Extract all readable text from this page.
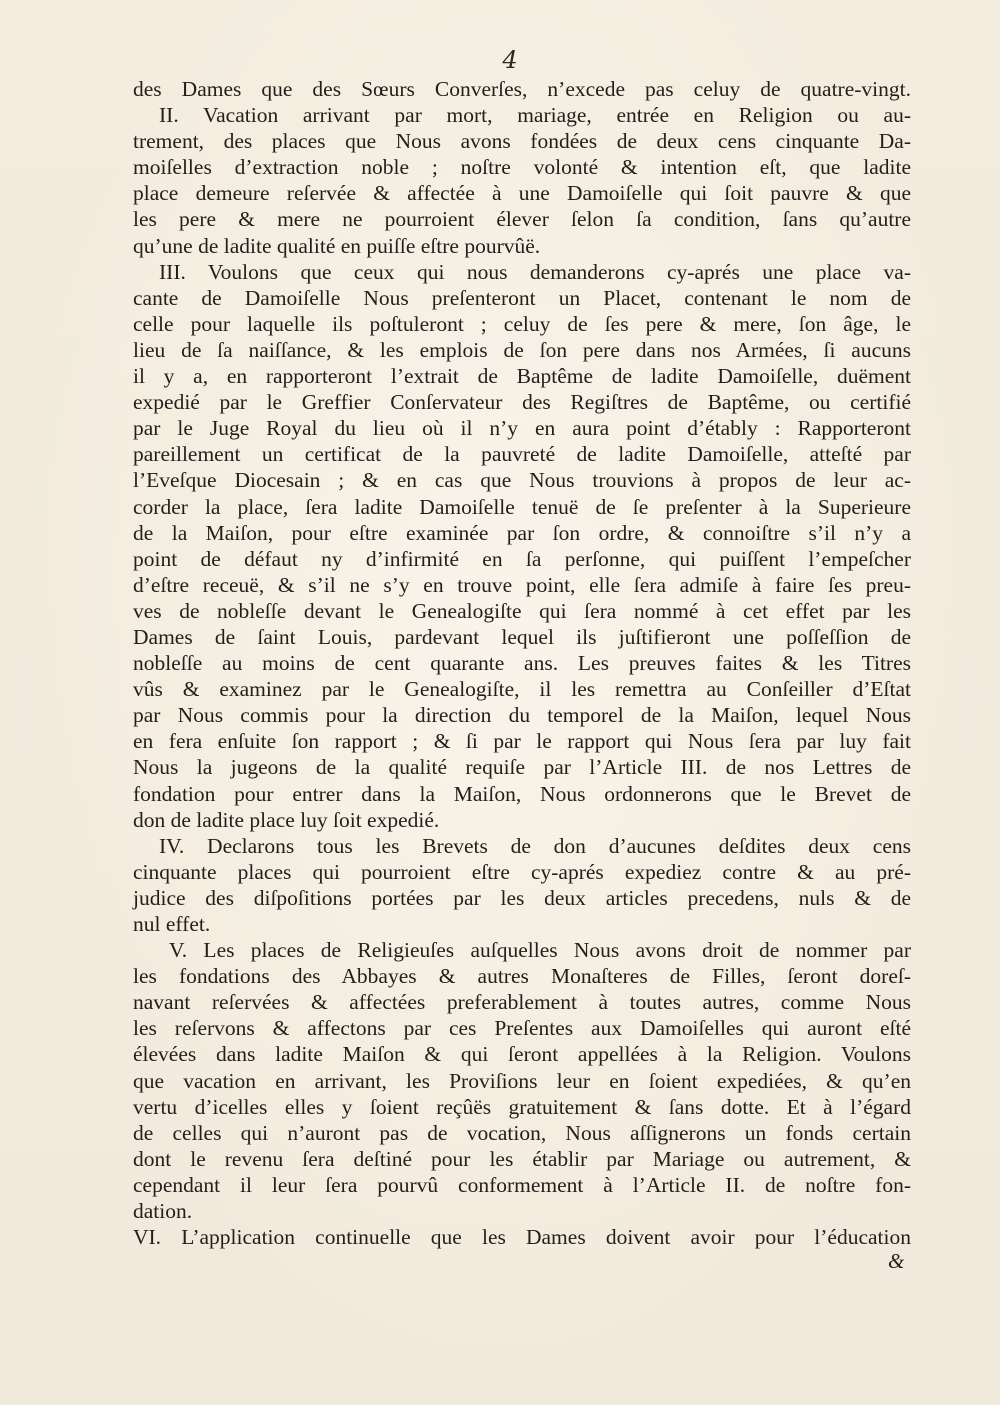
4
des Dames que des Sœurs Converſes, n’excede pas celuy de quatre-vingt.
II. Vacation arrivant par mort, mariage, entrée en Religion ou au-
trement, des places que Nous avons fondées de deux cens cinquante Da-
moiſelles d’extraction noble ; noſtre volonté & intention eſt, que ladite
place demeure reſervée & affectée à une Damoiſelle qui ſoit pauvre & que
les pere & mere ne pourroient élever ſelon ſa condition, ſans qu’autre
qu’une de ladite qualité en puiſſe eſtre pourvûë.
III. Voulons que ceux qui nous demanderons cy-aprés une place va-
cante de Damoiſelle Nous preſenteront un Placet, contenant le nom de
celle pour laquelle ils poſtuleront ; celuy de ſes pere & mere, ſon âge, le
lieu de ſa naiſſance, & les emplois de ſon pere dans nos Armées, ſi aucuns
il y a, en rapporteront l’extrait de Baptême de ladite Damoiſelle, duëment
expedié par le Greffier Conſervateur des Regiſtres de Baptême, ou certifié
par le Juge Royal du lieu où il n’y en aura point d’étably : Rapporteront
pareillement un certificat de la pauvreté de ladite Damoiſelle, atteſté par
l’Eveſque Diocesain ; & en cas que Nous trouvions à propos de leur ac-
corder la place, ſera ladite Damoiſelle tenuë de ſe preſenter à la Superieure
de la Maiſon, pour eſtre examinée par ſon ordre, & connoiſtre s’il n’y a
point de défaut ny d’infirmité en ſa perſonne, qui puiſſent l’empeſcher
d’eſtre receuë, & s’il ne s’y en trouve point, elle ſera admiſe à faire ſes preu-
ves de nobleſſe devant le Genealogiſte qui ſera nommé à cet effet par les
Dames de ſaint Louis, pardevant lequel ils juſtifieront une poſſeſſion de
nobleſſe au moins de cent quarante ans. Les preuves faites & les Titres
vûs & examinez par le Genealogiſte, il les remettra au Conſeiller d’Eſtat
par Nous commis pour la direction du temporel de la Maiſon, lequel Nous
en fera enſuite ſon rapport ; & ſi par le rapport qui Nous ſera par luy fait
Nous la jugeons de la qualité requiſe par l’Article III. de nos Lettres de
fondation pour entrer dans la Maiſon, Nous ordonnerons que le Brevet de
don de ladite place luy ſoit expedié.
IV. Declarons tous les Brevets de don d’aucunes deſdites deux cens
cinquante places qui pourroient eſtre cy-aprés expediez contre & au pré-
judice des diſpoſitions portées par les deux articles precedens, nuls & de
nul effet.
V. Les places de Religieuſes auſquelles Nous avons droit de nommer par
les fondations des Abbayes & autres Monaſteres de Filles, ſeront doreſ-
navant reſervées & affectées preferablement à toutes autres, comme Nous
les reſervons & affectons par ces Preſentes aux Damoiſelles qui auront eſté
élevées dans ladite Maiſon & qui ſeront appellées à la Religion. Voulons
que vacation en arrivant, les Proviſions leur en ſoient expediées, & qu’en
vertu d’icelles elles y ſoient reçûës gratuitement & ſans dotte. Et à l’égard
de celles qui n’auront pas de vocation, Nous aſſignerons un fonds certain
dont le revenu ſera deſtiné pour les établir par Mariage ou autrement, &
cependant il leur ſera pourvû conformement à l’Article II. de noſtre fon-
dation.
VI. L’application continuelle que les Dames doivent avoir pour l’éducation
&
